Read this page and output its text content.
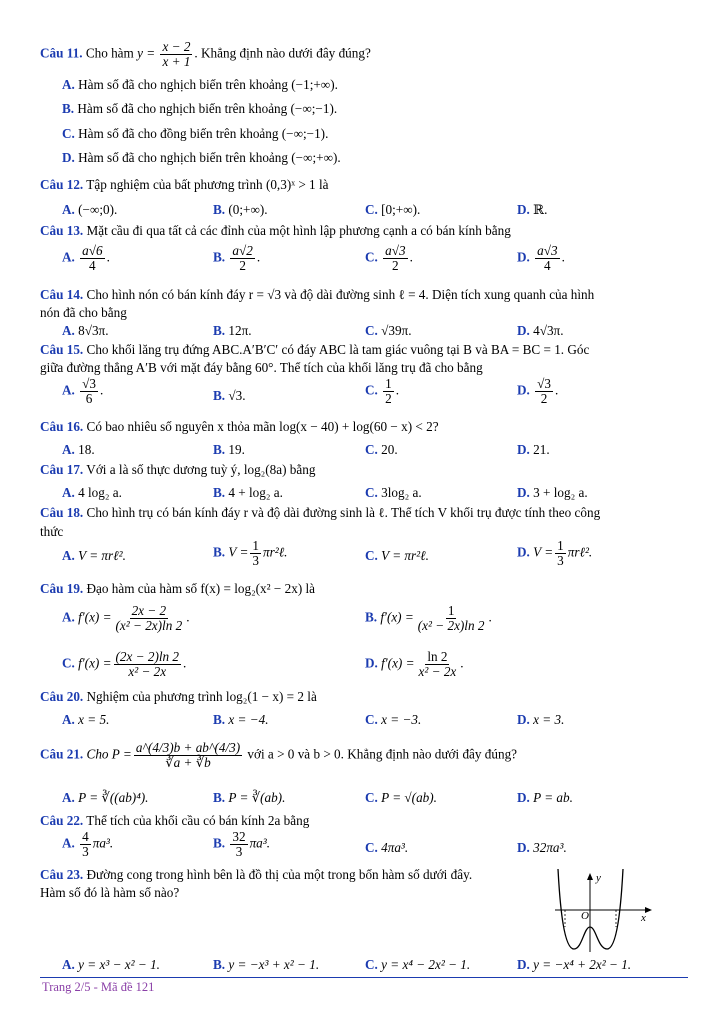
Câu 11. Cho hàm $y = \frac{x - 2}{x + 1}$ . Khẳng định nào dưới đây đúng?
A. Hàm số đã cho nghịch biến trên khoảng (−1;+∞).
B. Hàm số đã cho nghịch biến trên khoảng (−∞;−1).
C. Hàm số đã cho đồng biến trên khoảng (−∞;−1).
D. Hàm số đã cho nghịch biến trên khoảng (−∞;+∞).
Câu 12. Tập nghiệm của bất phương trình (0,3)ˣ > 1 là
A. (−∞;0).	B. (0;+∞).	C. [0;+∞).	D. ℝ.
Câu 13. Mặt cầu đi qua tất cả các đỉnh của một hình lập phương cạnh a có bán kính bằng
A. $\frac{a√6}{4}$ .	B. $\frac{a√2}{2}$ .	C. $\frac{a√3}{2}$ .	D. $\frac{a√3}{4}$ .
Câu 14. Cho hình nón có bán kính đáy r = √3 và độ dài đường sinh ℓ = 4. Diện tích xung quanh của hình
nón đã cho bằng
A. 8√3π.	B. 12π.	C. √39π.	D. 4√3π.
Câu 15. Cho khối lăng trụ đứng ABC.A′B′C′ có đáy ABC là tam giác vuông tại B và BA = BC = 1. Góc
giữa đường thẳng A′B với mặt đáy bằng 60°. Thể tích của khối lăng trụ đã cho bằng
A. $\frac{√3}{6}$ .	B. √3.	C. $\frac{1}{2}$ .	D. $\frac{√3}{2}$ .
Câu 16. Có bao nhiêu số nguyên x thỏa mãn log(x − 40) + log(60 − x) < 2?
A. 18.	B. 19.	C. 20.	D. 21.
Câu 17. Với a là số thực dương tuỳ ý, log₂(8a) bằng
A. 4 log₂ a.	B. 4 + log₂ a.	C. 3log₂ a.	D. 3 + log₂ a.
Câu 18. Cho hình trụ có bán kính đáy r và độ dài đường sinh là ℓ. Thể tích V khối trụ được tính theo công
thức
A. V = πrℓ².	B. $V = \frac{1}{3}$ πr²ℓ.	C. V = πr²ℓ.	D. $V = \frac{1}{3}$ πrℓ².
Câu 19. Đạo hàm của hàm số f(x) = log₂(x² − 2x) là
A. $f'(x) = \frac{2x - 2}{\text{(x² − 2x)ln 2}}$ .	B. $f'(x) = \frac{1}{\text{(x² − 2x)ln 2}}$ .
C. $f'(x) = \frac{(2x - 2)\ln 2}{\text{x² − 2x}}$ .	D. $f'(x) = \frac{\ln 2}{\text{x² − 2x}}$ .
Câu 20. Nghiệm của phương trình log₂(1 − x) = 2 là
A. x = 5.	B. x = −4.	C. x = −3.	D. x = 3.
Câu 21. Cho $P = \frac{a\^{}(4/3)b + ab\^{}(4/3)}{∛a + ∛b}$ với a > 0 và b > 0. Khẳng định nào dưới đây đúng?
A. P = ∛((ab)⁴).	B. P = ∛(ab).	C. P = √(ab).	D. P = ab.
Câu 22. Thể tích của khối cầu có bán kính 2a bằng
A. $\frac{4}{3} \pi a^3$.	B. $\frac{32}{3} \pi a^3$.	C. 4πa³.	D. 32πa³.
Câu 23. Đường cong trong hình bên là đồ thị của một trong bốn hàm số dưới đây.
Hàm số đó là hàm số nào?
y
O	x
A. y = x³ − x² − 1.	B. y = −x³ + x² − 1.	C. y = x⁴ − 2x² − 1.	D. y = −x⁴ + 2x² − 1.
Trang 2/5 - Mã đề 121
